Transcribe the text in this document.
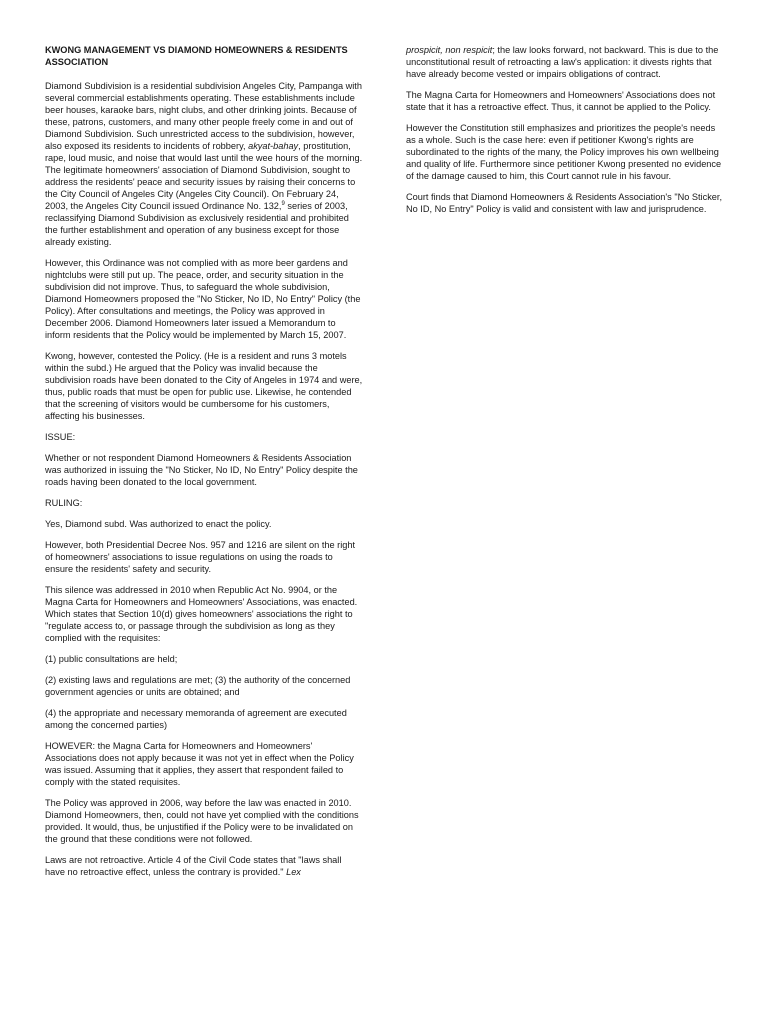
KWONG MANAGEMENT VS DIAMOND HOMEOWNERS & RESIDENTS ASSOCIATION

Diamond Subdivision is a residential subdivision Angeles City, Pampanga with several commercial establishments operating. These establishments include beer houses, karaoke bars, night clubs, and other drinking joints. Because of these, patrons, customers, and many other people freely come in and out of Diamond Subdivision. Such unrestricted access to the subdivision, however, also exposed its residents to incidents of robbery, akyat-bahay, prostitution, rape, loud music, and noise that would last until the wee hours of the morning. The legitimate homeowners' association of Diamond Subdivision, sought to address the residents' peace and security issues by raising their concerns to the City Council of Angeles City (Angeles City Council). On February 24, 2003, the Angeles City Council issued Ordinance No. 132,$^9$ series of 2003, reclassifying Diamond Subdivision as exclusively residential and prohibited the further establishment and operation of any business except for those already existing.

However, this Ordinance was not complied with as more beer gardens and nightclubs were still put up. The peace, order, and security situation in the subdivision did not improve. Thus, to safeguard the whole subdivision, Diamond Homeowners proposed the "No Sticker, No ID, No Entry" Policy (the Policy). After consultations and meetings, the Policy was approved in December 2006. Diamond Homeowners later issued a Memorandum to inform residents that the Policy would be implemented by March 15, 2007.

Kwong, however, contested the Policy. (He is a resident and runs 3 motels within the subd.) He argued that the Policy was invalid because the subdivision roads have been donated to the City of Angeles in 1974 and were, thus, public roads that must be open for public use. Likewise, he contended that the screening of visitors would be cumbersome for his customers, affecting his businesses.

ISSUE:

Whether or not respondent Diamond Homeowners & Residents Association was authorized in issuing the "No Sticker, No ID, No Entry" Policy despite the roads having been donated to the local government.

RULING:

Yes, Diamond subd. Was authorized to enact the policy.

However, both Presidential Decree Nos. 957 and 1216 are silent on the right of homeowners' associations to issue regulations on using the roads to ensure the residents' safety and security.

This silence was addressed in 2010 when Republic Act No. 9904, or the Magna Carta for Homeowners and Homeowners' Associations, was enacted. Which states that Section 10(d) gives homeowners' associations the right to "regulate access to, or passage through the subdivision as long as they complied with the requisites:

(1) public consultations are held;

(2) existing laws and regulations are met; (3) the authority of the concerned government agencies or units are obtained; and

(4) the appropriate and necessary memoranda of agreement are executed among the concerned parties)

HOWEVER: the Magna Carta for Homeowners and Homeowners' Associations does not apply because it was not yet in effect when the Policy was issued. Assuming that it applies, they assert that respondent failed to comply with the stated requisites.

The Policy was approved in 2006, way before the law was enacted in 2010. Diamond Homeowners, then, could not have yet complied with the conditions provided. It would, thus, be unjustified if the Policy were to be invalidated on the ground that these conditions were not followed.

Laws are not retroactive. Article 4 of the Civil Code states that "laws shall have no retroactive effect, unless the contrary is provided." Lex

prospicit, non respicit; the law looks forward, not backward. This is due to the unconstitutional result of retroacting a law's application: it divests rights that have already become vested or impairs obligations of contract.

The Magna Carta for Homeowners and Homeowners' Associations does not state that it has a retroactive effect. Thus, it cannot be applied to the Policy.

However the Constitution still emphasizes and prioritizes the people's needs as a whole. Such is the case here: even if petitioner Kwong's rights are subordinated to the rights of the many, the Policy improves his own wellbeing and quality of life. Furthermore since petitioner Kwong presented no evidence of the damage caused to him, this Court cannot rule in his favour.

Court finds that Diamond Homeowners & Residents Association's "No Sticker, No ID, No Entry" Policy is valid and consistent with law and jurisprudence.
